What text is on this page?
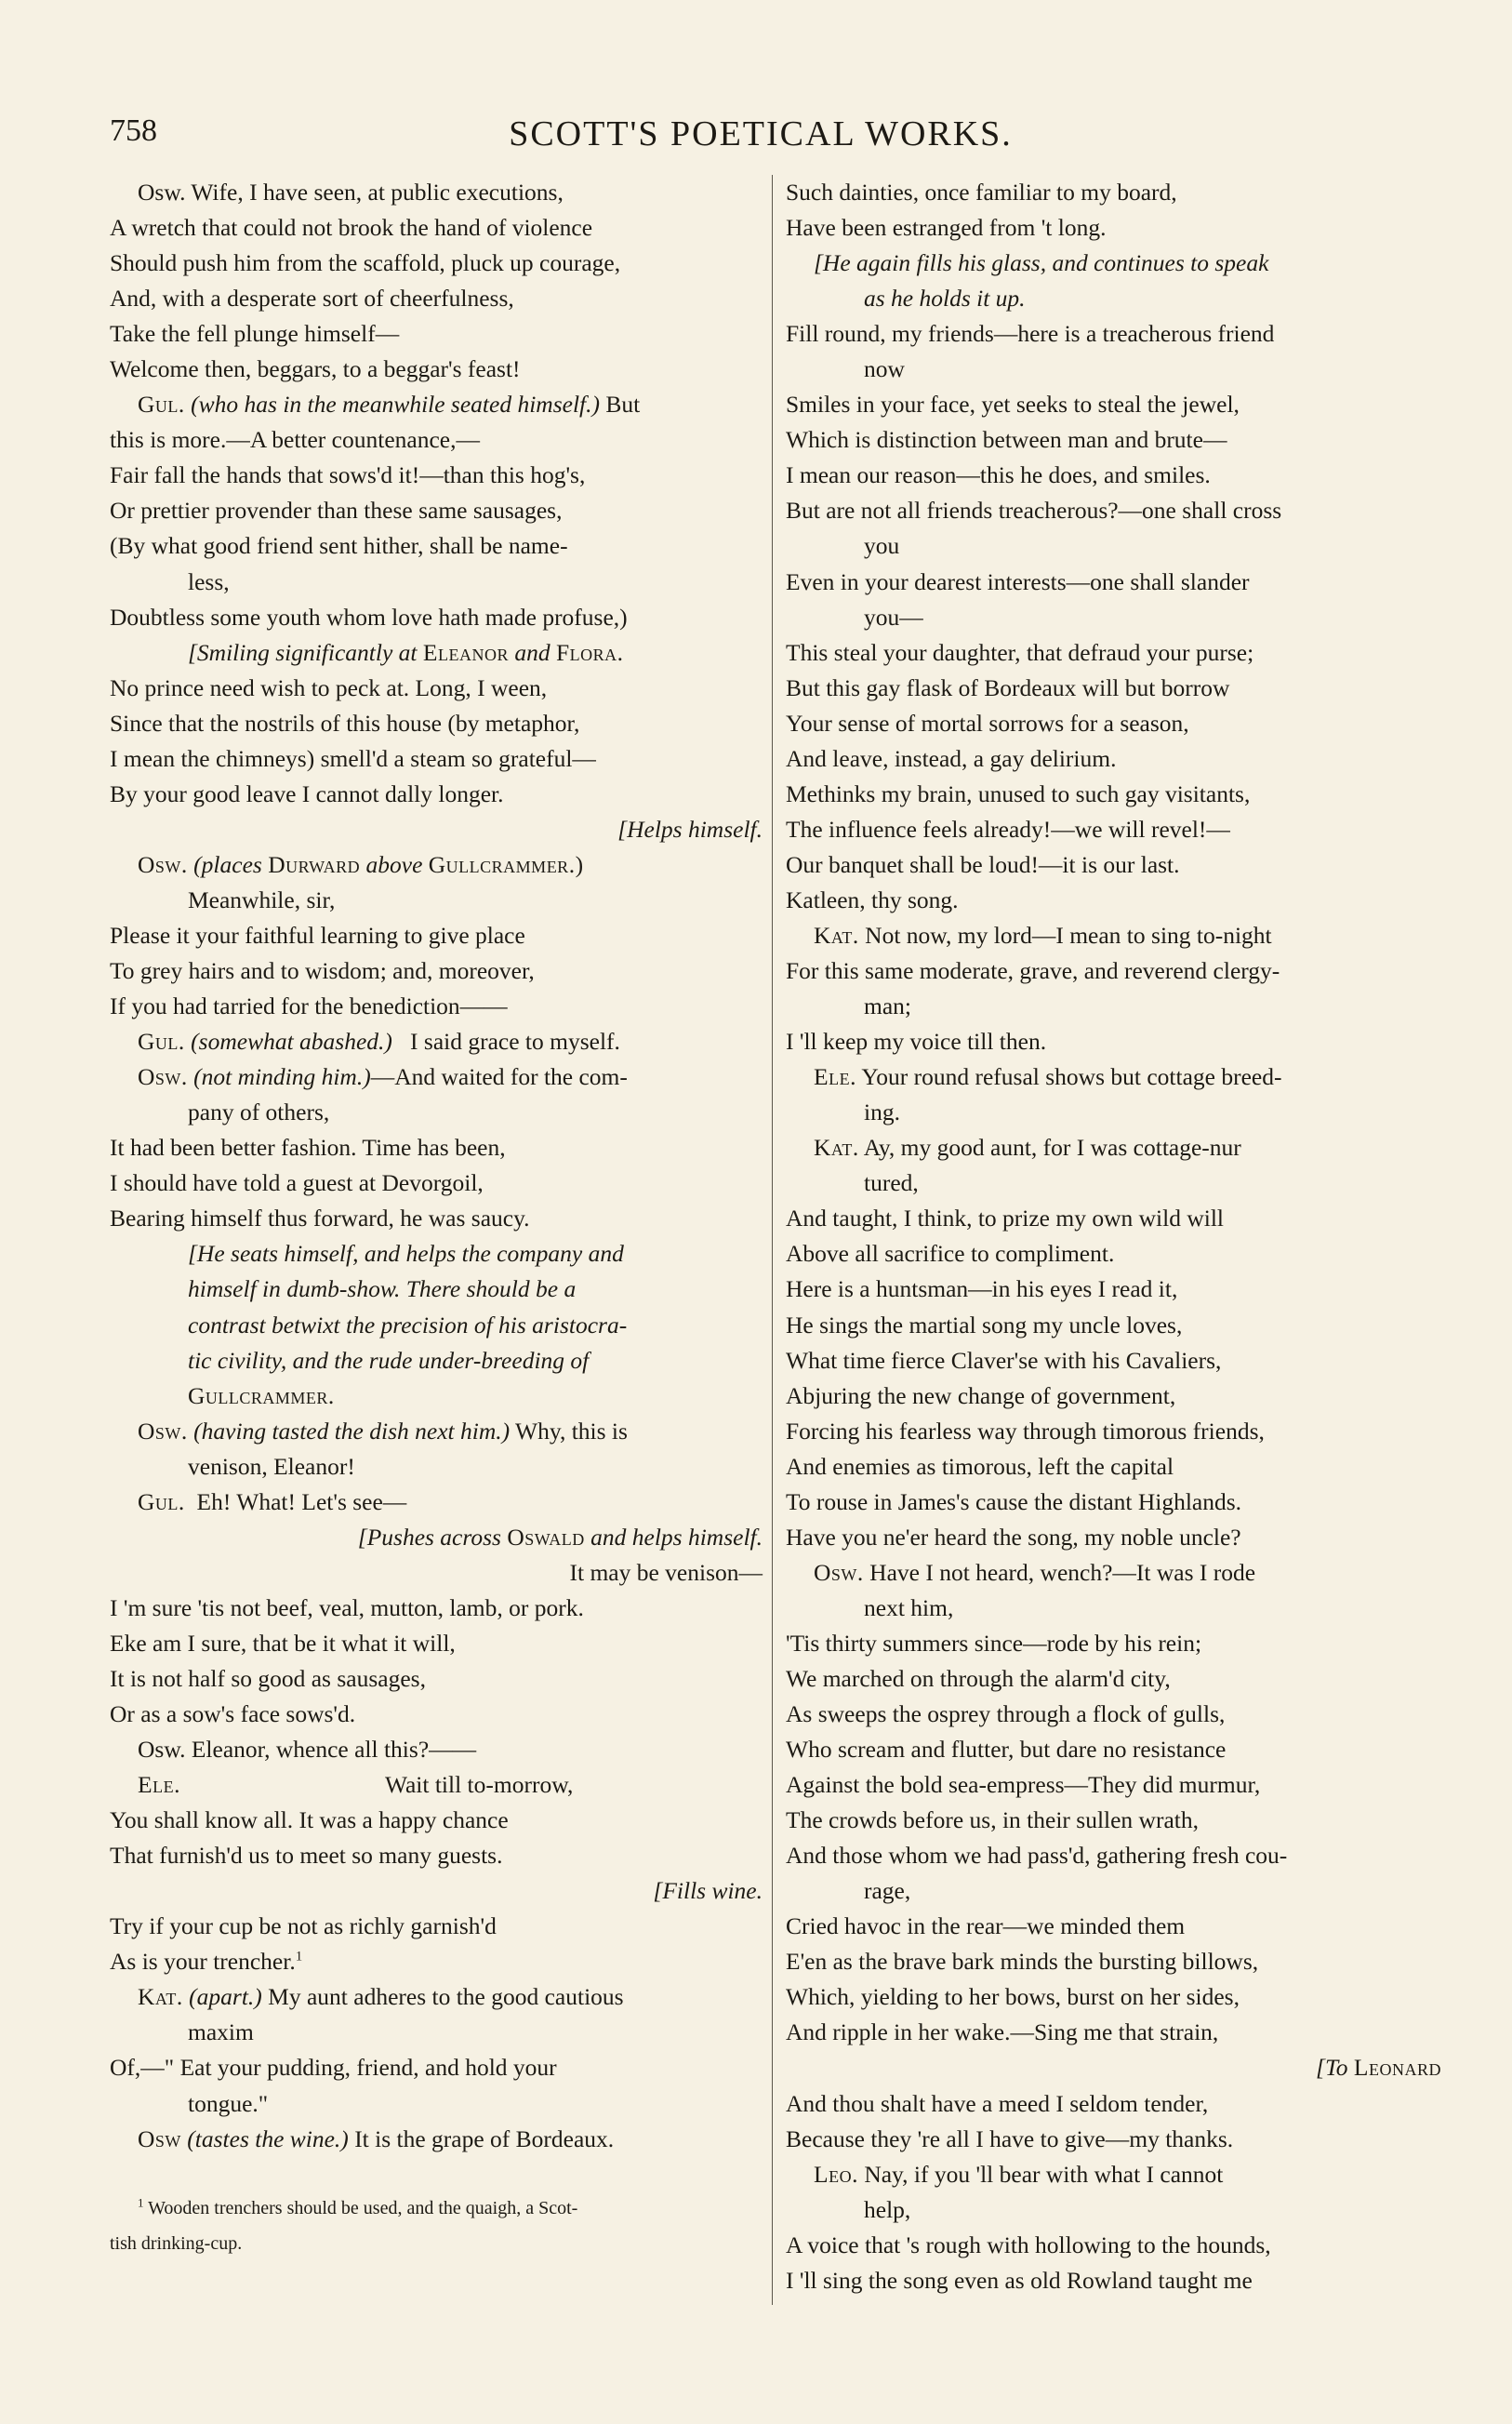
758	SCOTT'S POETICAL WORKS.
Osw. Wife, I have seen, at public executions,
A wretch that could not brook the hand of violence
Should push him from the scaffold, pluck up courage,
And, with a desperate sort of cheerfulness,
Take the fell plunge himself—
Welcome then, beggars, to a beggar's feast!
Gul. (who has in the meanwhile seated himself.) But
this is more.—A better countenance,—
Fair fall the hands that sows'd it!—than this hog's,
Or prettier provender than these same sausages,
(By what good friend sent hither, shall be name-
less,
Doubtless some youth whom love hath made profuse,)
[Smiling significantly at Eleanor and Flora.
No prince need wish to peck at. Long, I ween,
Since that the nostrils of this house (by metaphor,
I mean the chimneys) smell'd a steam so grateful—
By your good leave I cannot dally longer.
[Helps himself.
Osw. (places Durward above Gullcrammer.)
Meanwhile, sir,
Please it your faithful learning to give place
To grey hairs and to wisdom; and, moreover,
If you had tarried for the benediction——
Gul. (somewhat abashed.) I said grace to myself.
Osw. (not minding him.)—And waited for the com-
pany of others,
It had been better fashion. Time has been,
I should have told a guest at Devorgoil,
Bearing himself thus forward, he was saucy.
[He seats himself, and helps the company and
himself in dumb-show. There should be a
contrast betwixt the precision of his aristocra-
tic civility, and the rude under-breeding of
Gullcrammer.
Osw. (having tasted the dish next him.) Why, this is
venison, Eleanor!
Gul. Eh! What! Let's see—
[Pushes across Oswald and helps himself.
It may be venison—
I 'm sure 'tis not beef, veal, mutton, lamb, or pork.
Eke am I sure, that be it what it will,
It is not half so good as sausages,
Or as a sow's face sows'd.
Osw. Eleanor, whence all this?——
Ele.	Wait till to-morrow,
You shall know all. It was a happy chance
That furnish'd us to meet so many guests.
[Fills wine.
Try if your cup be not as richly garnish'd
As is your trencher.$^1$
Kat. (apart.) My aunt adheres to the good cautious
maxim
Of,—" Eat your pudding, friend, and hold your
tongue."
Osw (tastes the wine.) It is the grape of Bordeaux.
$^1$ Wooden trenchers should be used, and the quaigh, a Scot-
tish drinking-cup.
Such dainties, once familiar to my board,
Have been estranged from 't long.
[He again fills his glass, and continues to speak
as he holds it up.
Fill round, my friends—here is a treacherous friend
now
Smiles in your face, yet seeks to steal the jewel,
Which is distinction between man and brute—
I mean our reason—this he does, and smiles.
But are not all friends treacherous?—one shall cross
you
Even in your dearest interests—one shall slander
you—
This steal your daughter, that defraud your purse;
But this gay flask of Bordeaux will but borrow
Your sense of mortal sorrows for a season,
And leave, instead, a gay delirium.
Methinks my brain, unused to such gay visitants,
The influence feels already!—we will revel!—
Our banquet shall be loud!—it is our last.
Katleen, thy song.
Kat. Not now, my lord—I mean to sing to-night
For this same moderate, grave, and reverend clergy-
man;
I 'll keep my voice till then.
Ele. Your round refusal shows but cottage breed-
ing.
Kat. Ay, my good aunt, for I was cottage-nur
tured,
And taught, I think, to prize my own wild will
Above all sacrifice to compliment.
Here is a huntsman—in his eyes I read it,
He sings the martial song my uncle loves,
What time fierce Claver'se with his Cavaliers,
Abjuring the new change of government,
Forcing his fearless way through timorous friends,
And enemies as timorous, left the capital
To rouse in James's cause the distant Highlands.
Have you ne'er heard the song, my noble uncle?
Osw. Have I not heard, wench?—It was I rode
next him,
'Tis thirty summers since—rode by his rein;
We marched on through the alarm'd city,
As sweeps the osprey through a flock of gulls,
Who scream and flutter, but dare no resistance
Against the bold sea-empress—They did murmur,
The crowds before us, in their sullen wrath,
And those whom we had pass'd, gathering fresh cou-
rage,
Cried havoc in the rear—we minded them
E'en as the brave bark minds the bursting billows,
Which, yielding to her bows, burst on her sides,
And ripple in her wake.—Sing me that strain,
[To Leonard
And thou shalt have a meed I seldom tender,
Because they 're all I have to give—my thanks.
Leo. Nay, if you 'll bear with what I cannot
help,
A voice that 's rough with hollowing to the hounds,
I 'll sing the song even as old Rowland taught me
